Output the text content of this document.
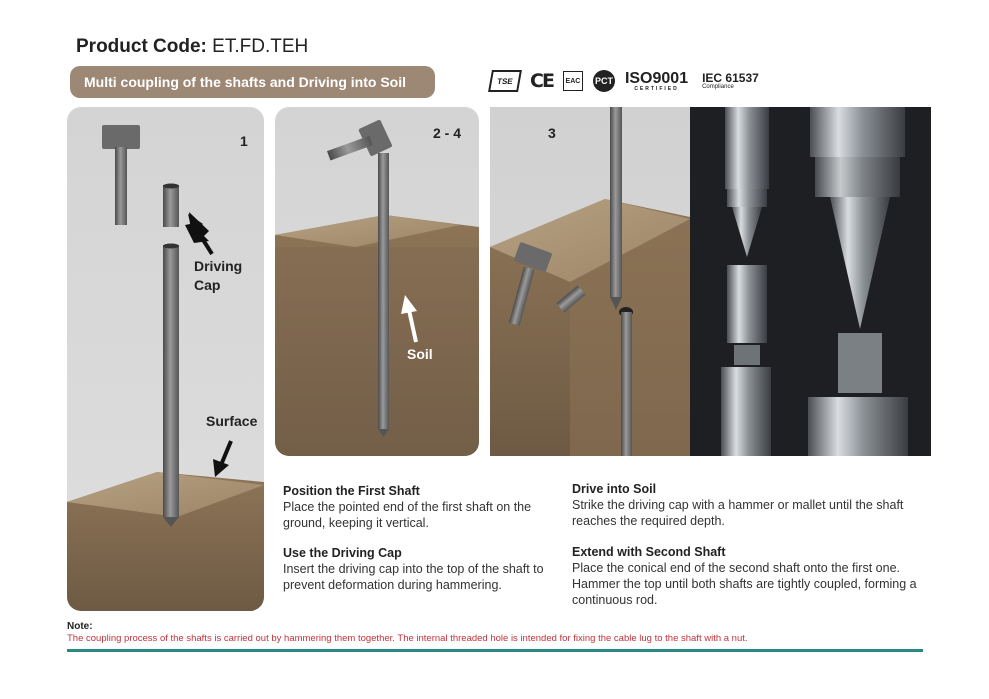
Product Code: ET.FD.TEH
Multi coupling of the shafts and Driving into Soil	TSE CE	EAC PCT ISO9001
CERTIFIED
IEC 61537
Compliance
1
Driving
Cap
Surface
2 - 4
Soil
3
Position the First Shaft

Place the pointed end of the first shaft on the ground, keeping it vertical.

Use the Driving Cap

Insert the driving cap into the top of the shaft to prevent deformation during hammering.

Drive into Soil

Strike the driving cap with a hammer or mallet until the shaft reaches the required depth.

Extend with Second Shaft

Place the conical end of the second shaft onto the first one. Hammer the top until both shafts are tightly coupled, forming a continuous rod.

Note:
The coupling process of the shafts is carried out by hammering them together. The internal threaded hole is intended for fixing the cable lug to the shaft with a nut.
